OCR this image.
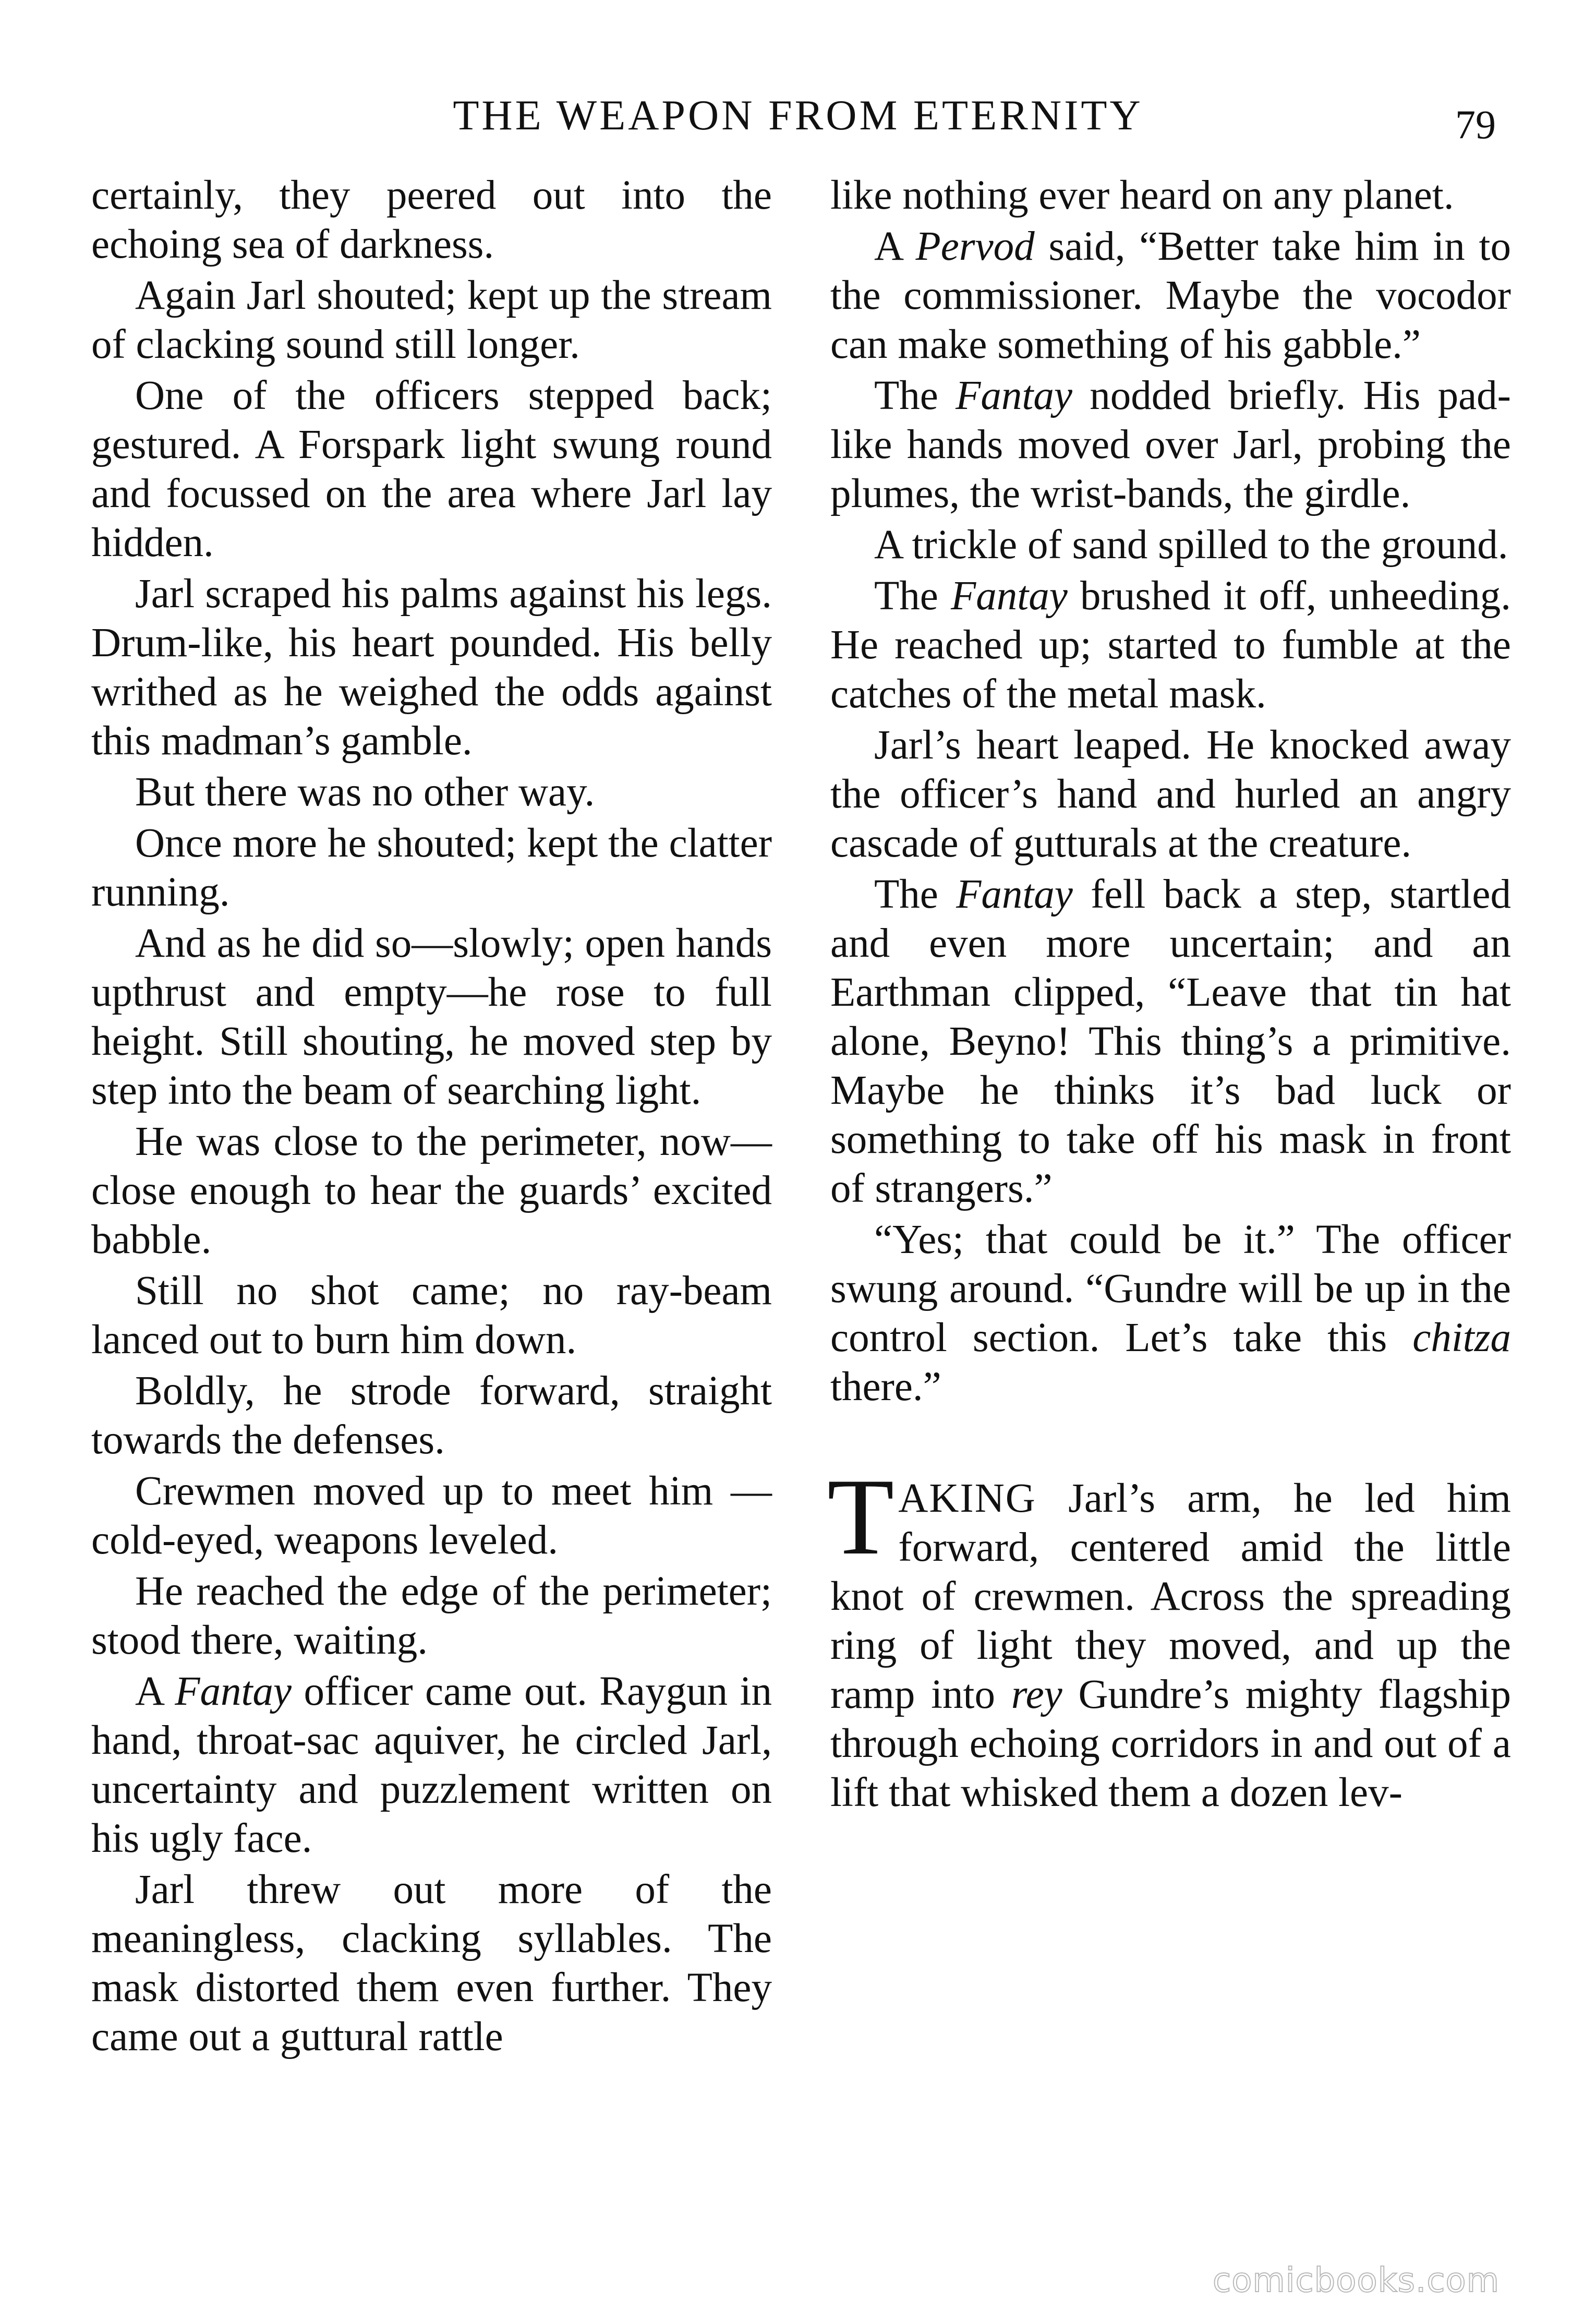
THE WEAPON FROM ETERNITY	79

certainly, they peered out into the echoing sea of darkness.

Again Jarl shouted; kept up the stream of clacking sound still longer.

One of the officers stepped back; gestured. A Forspark light swung round and focussed on the area where Jarl lay hidden.

Jarl scraped his palms against his legs. Drum-like, his heart pounded. His belly writhed as he weighed the odds against this madman’s gamble.

But there was no other way.

Once more he shouted; kept the clatter running.

And as he did so—slowly; open hands upthrust and empty—he rose to full height. Still shouting, he moved step by step into the beam of searching light.

He was close to the perimeter, now—close enough to hear the guards’ excited babble.

Still no shot came; no ray-beam lanced out to burn him down.

Boldly, he strode forward, straight towards the defenses.

Crewmen moved up to meet him —cold-eyed, weapons leveled.

He reached the edge of the perimeter; stood there, waiting.

A Fantay officer came out. Raygun in hand, throat-sac aquiver, he circled Jarl, uncertainty and puzzlement written on his ugly face.

Jarl threw out more of the meaningless, clacking syllables. The mask distorted them even further. They came out a guttural rattle

like nothing ever heard on any planet.

A Pervod said, “Better take him in to the commissioner. Maybe the vocodor can make something of his gabble.”

The Fantay nodded briefly. His pad-like hands moved over Jarl, probing the plumes, the wrist-bands, the girdle.

A trickle of sand spilled to the ground.

The Fantay brushed it off, unheeding. He reached up; started to fumble at the catches of the metal mask.

Jarl’s heart leaped. He knocked away the officer’s hand and hurled an angry cascade of gutturals at the creature.

The Fantay fell back a step, startled and even more uncertain; and an Earthman clipped, “Leave that tin hat alone, Beyno! This thing’s a primitive. Maybe he thinks it’s bad luck or something to take off his mask in front of strangers.”

“Yes; that could be it.” The officer swung around. “Gundre will be up in the control section. Let’s take this chitza there.”

TAKING Jarl’s arm, he led him forward, centered amid the little knot of crewmen. Across the spreading ring of light they moved, and up the ramp into rey Gundre’s mighty flagship through echoing corridors in and out of a lift that whisked them a dozen lev-

comicbooks.com
